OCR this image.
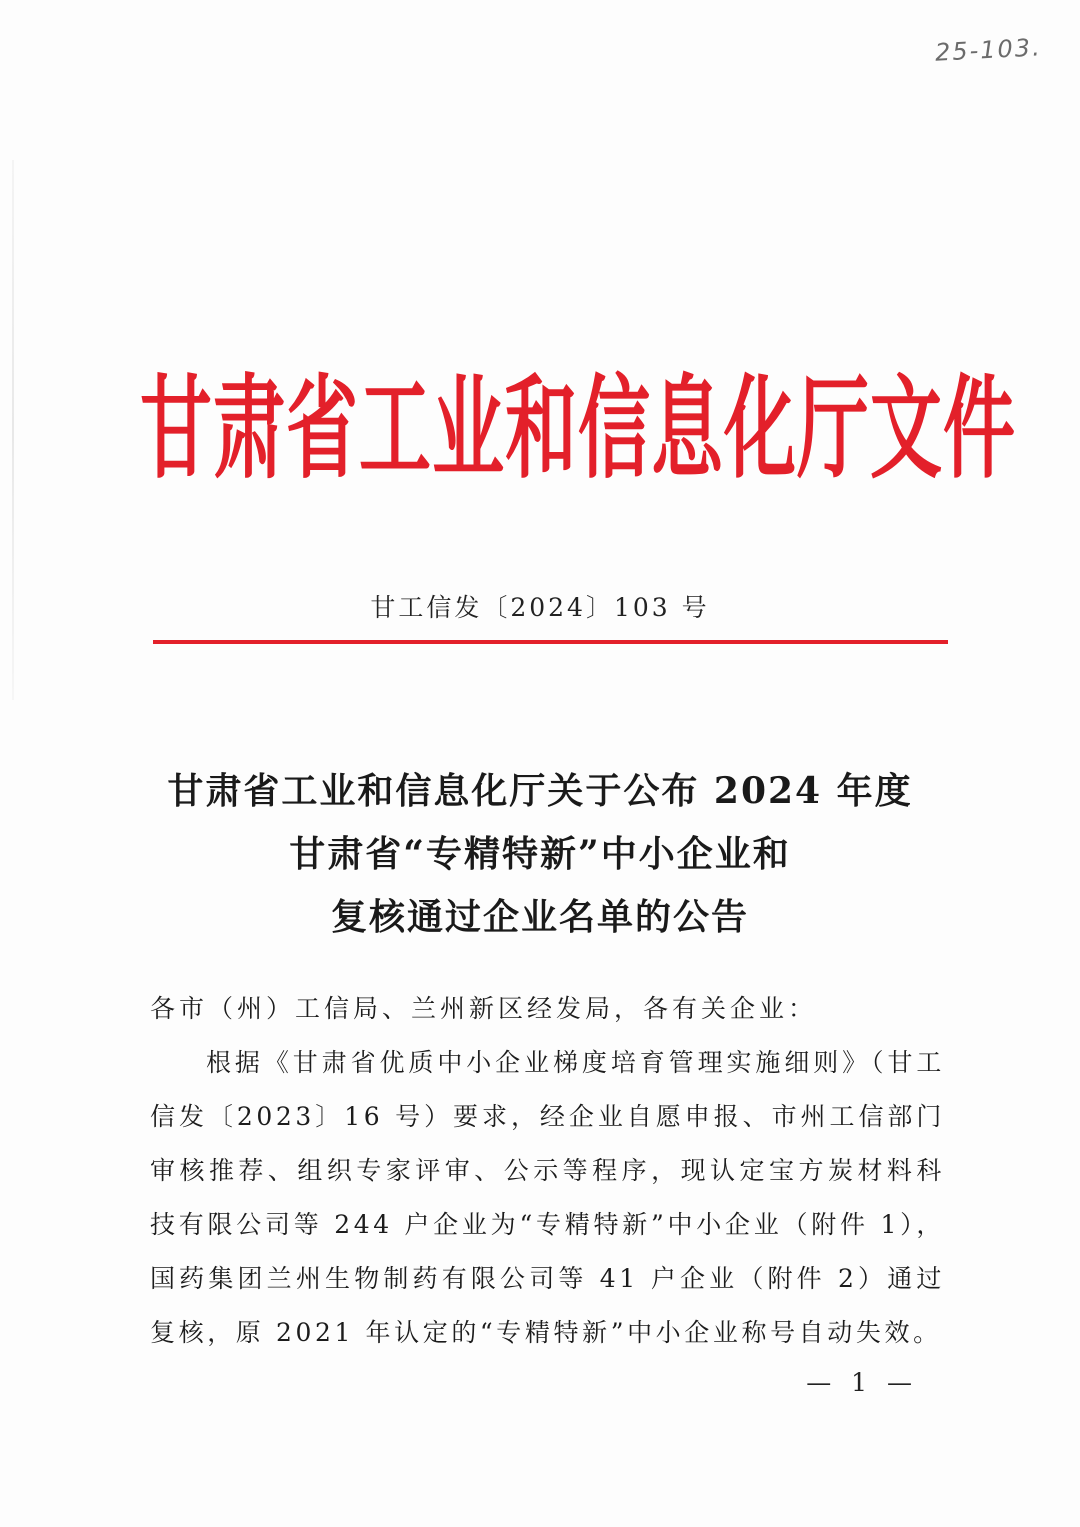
25-103.
甘肃省工业和信息化厅文件
甘工信发〔2024〕103 号
甘肃省工业和信息化厅关于公布 2024 年度
甘肃省“专精特新”中小企业和
复核通过企业名单的公告

各市（州）工信局、兰州新区经发局，各有关企业：

根据《甘肃省优质中小企业梯度培育管理实施细则》（甘工信发〔2023〕16 号）要求，经企业自愿申报、市州工信部门审核推荐、组织专家评审、公示等程序，现认定宝方炭材料科技有限公司等 244 户企业为“专精特新”中小企业（附件 1），国药集团兰州生物制药有限公司等 41 户企业（附件 2）通过复核，原 2021 年认定的“专精特新”中小企业称号自动失效。

— 1 —
